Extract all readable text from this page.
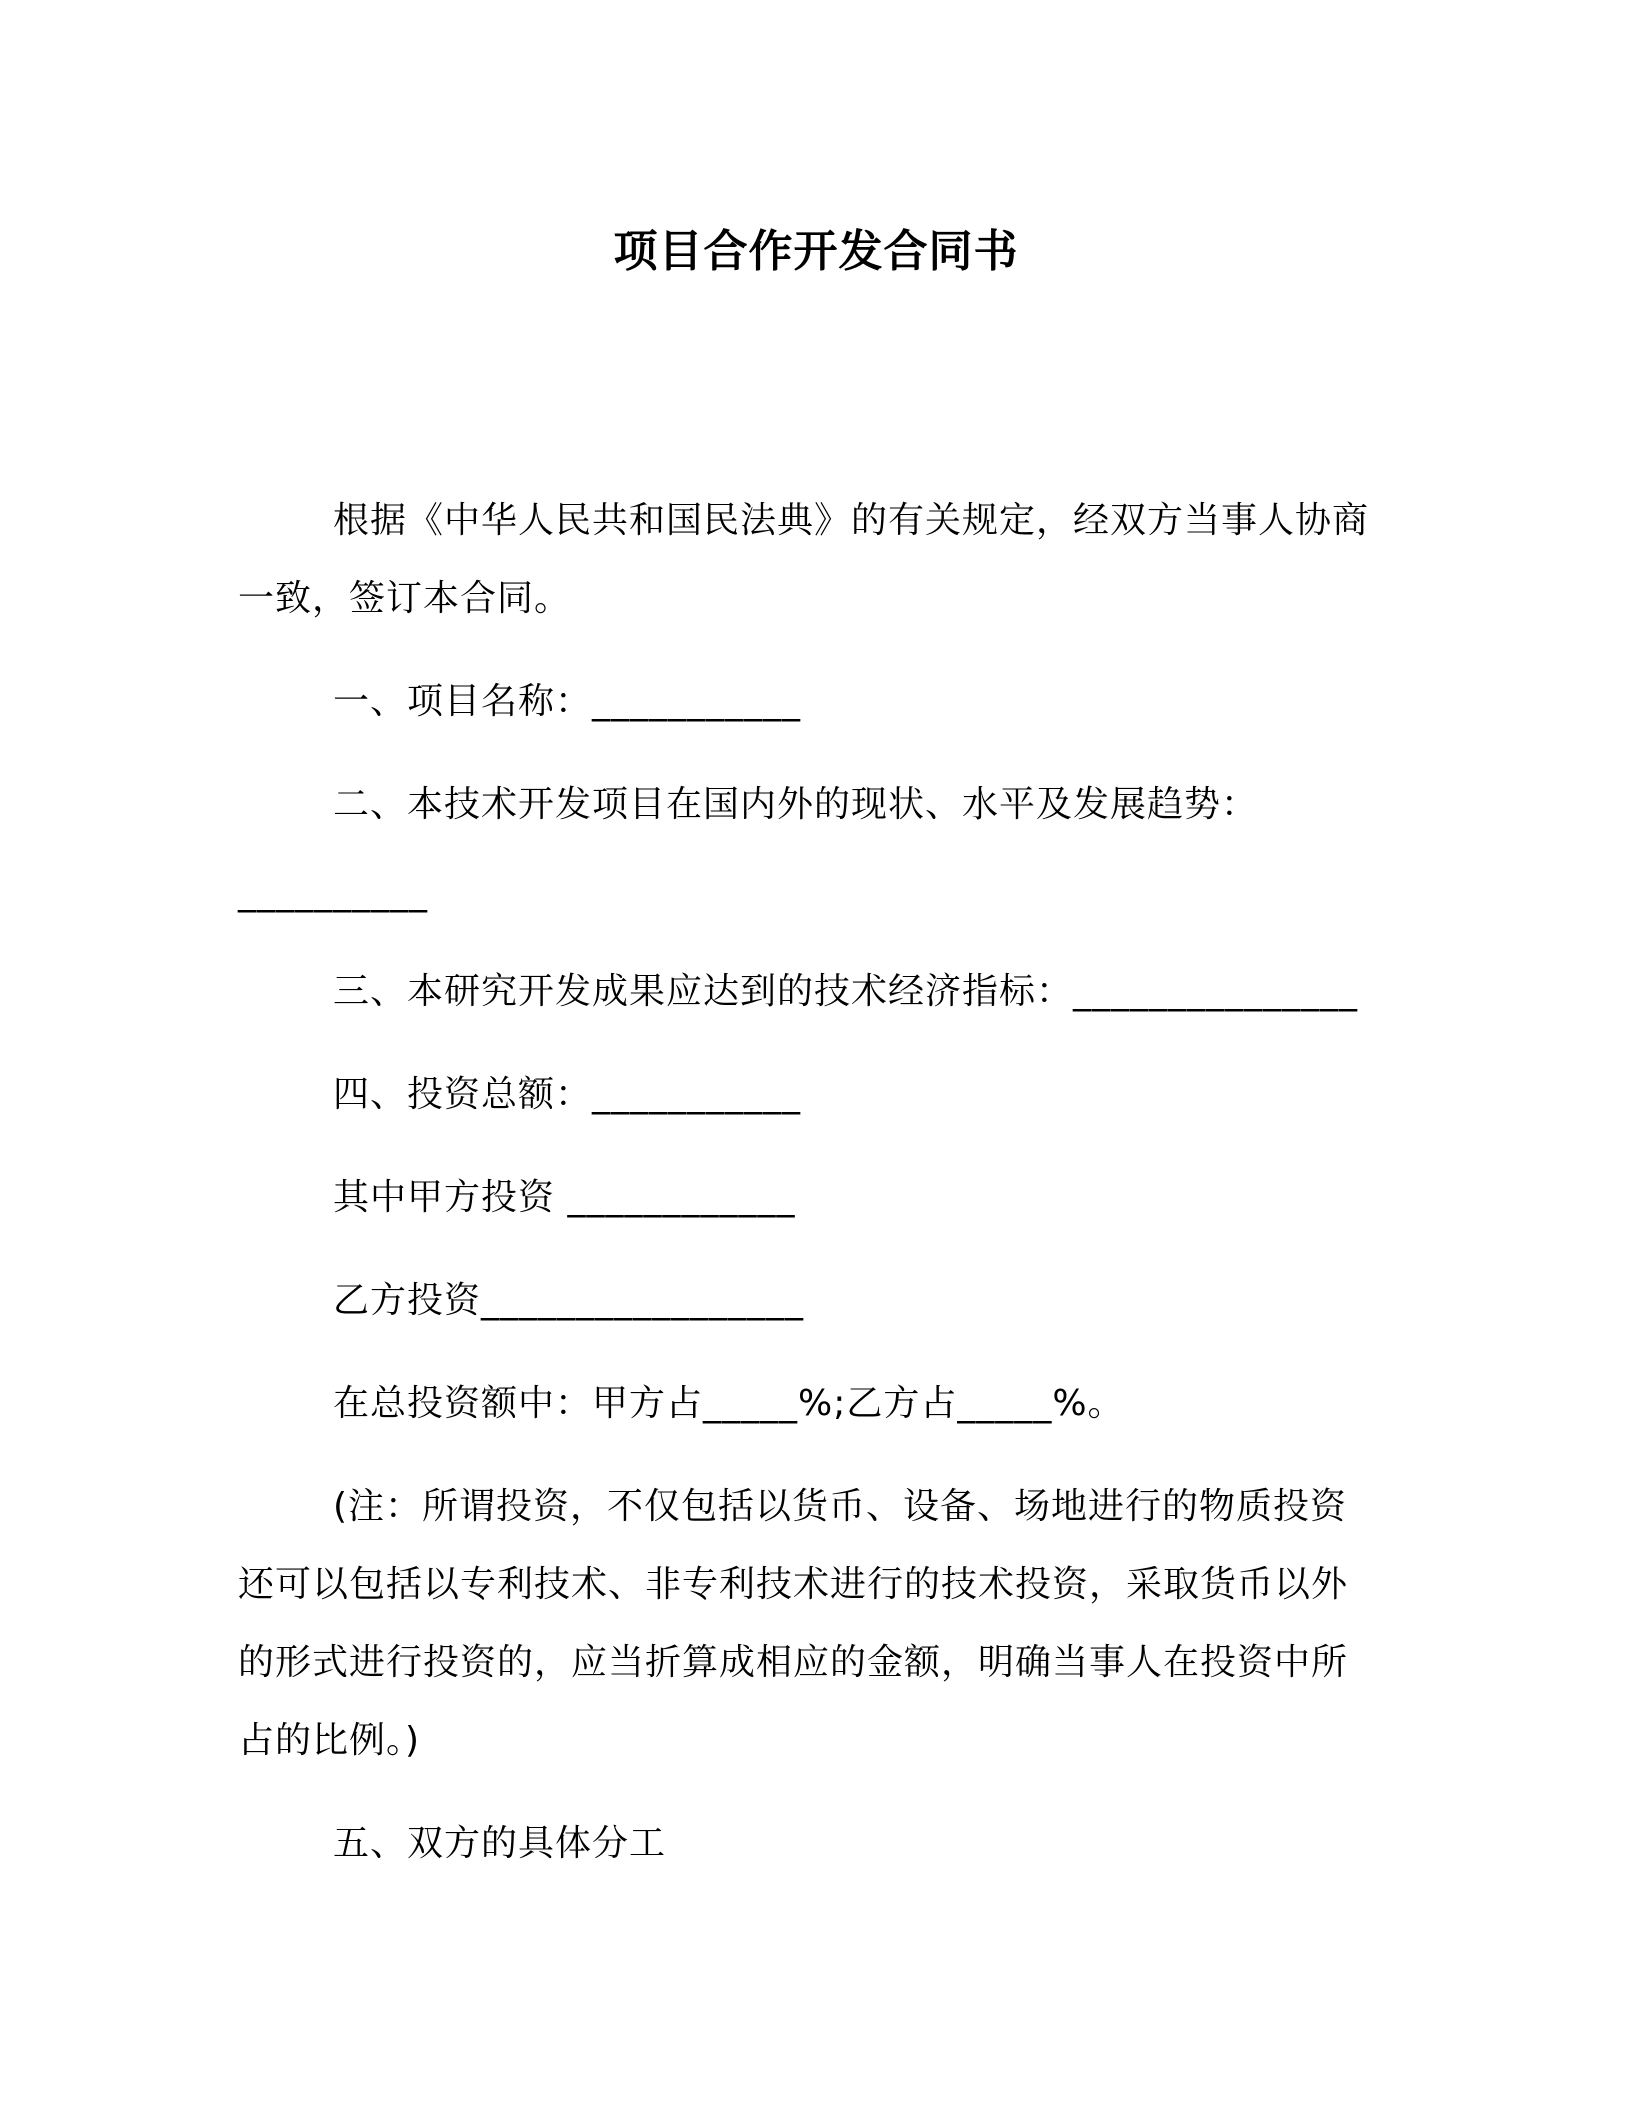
项目合作开发合同书
根据《中华人民共和国民法典》的有关规定，经双方当事人协商
一致，签订本合同。
一、项目名称：___________
二、本技术开发项目在国内外的现状、水平及发展趋势：
__________
三、本研究开发成果应达到的技术经济指标：_______________
四、投资总额：___________
其中甲方投资 ____________
乙方投资_________________
在总投资额中：甲方占_____%;乙方占_____%。
(注：所谓投资，不仅包括以货币、设备、场地进行的物质投资
还可以包括以专利技术、非专利技术进行的技术投资，采取货币以外
的形式进行投资的，应当折算成相应的金额，明确当事人在投资中所
占的比例。)
五、双方的具体分工
